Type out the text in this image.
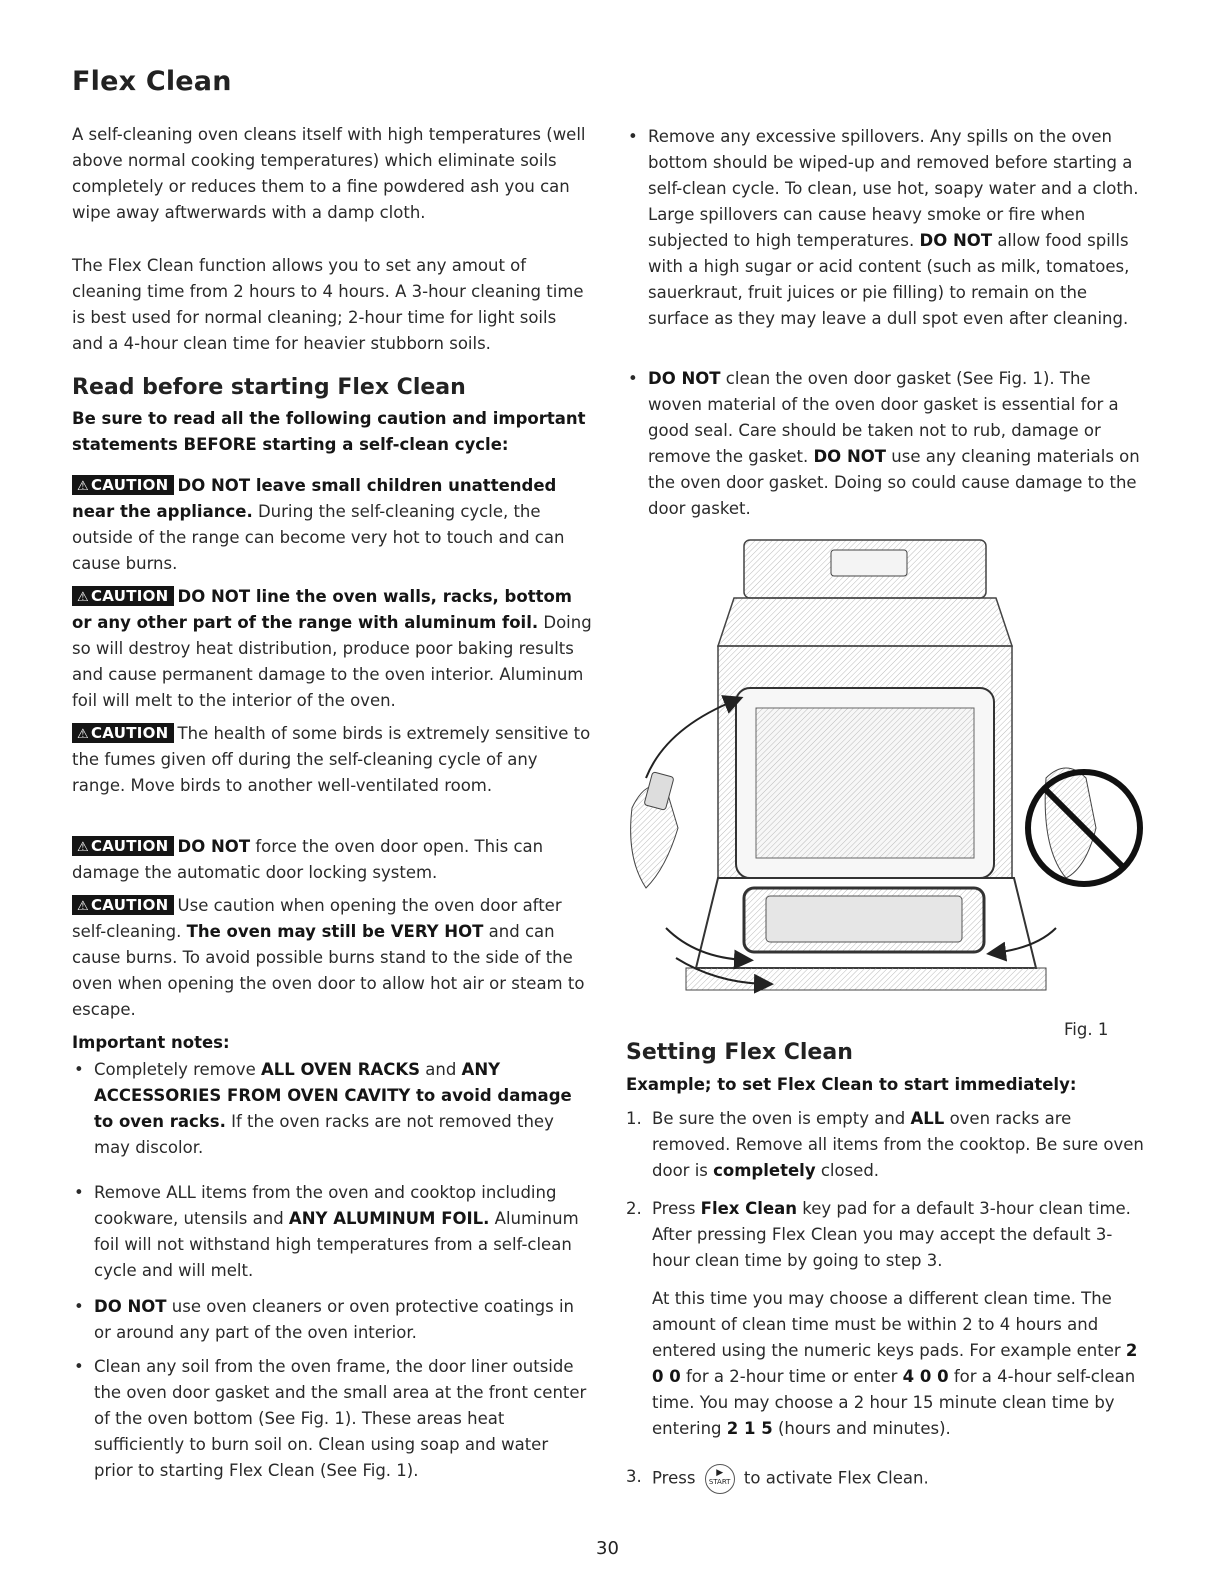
Flex Clean

A self-cleaning oven cleans itself with high temperatures (well above normal cooking temperatures) which eliminate soils completely or reduces them to a fine powdered ash you can wipe away aftwerwards with a damp cloth.

The Flex Clean function allows you to set any amout of cleaning time from 2 hours to 4 hours. A 3-hour cleaning time is best used for normal cleaning; 2-hour time for light soils and a 4-hour clean time for heavier stubborn soils.

Read before starting Flex Clean

Be sure to read all the following caution and important statements BEFORE starting a self-clean cycle:

⚠ CAUTION DO NOT leave small children unattended near the appliance. During the self-cleaning cycle, the outside of the range can become very hot to touch and can cause burns.

⚠ CAUTION DO NOT line the oven walls, racks, bottom or any other part of the range with aluminum foil. Doing so will destroy heat distribution, produce poor baking results and cause permanent damage to the oven interior. Aluminum foil will melt to the interior of the oven.

⚠ CAUTION The health of some birds is extremely sensitive to the fumes given off during the self-cleaning cycle of any range. Move birds to another well-ventilated room.

⚠ CAUTION DO NOT force the oven door open. This can damage the automatic door locking system.

⚠ CAUTION Use caution when opening the oven door after self-cleaning. The oven may still be VERY HOT and can cause burns. To avoid possible burns stand to the side of the oven when opening the oven door to allow hot air or steam to escape.

Important notes:

• Completely remove ALL OVEN RACKS and ANY ACCESSORIES FROM OVEN CAVITY to avoid damage to oven racks. If the oven racks are not removed they may discolor.

• Remove ALL items from the oven and cooktop including cookware, utensils and ANY ALUMINUM FOIL. Aluminum foil will not withstand high temperatures from a self-clean cycle and will melt.

• DO NOT use oven cleaners or oven protective coatings in or around any part of the oven interior.

• Clean any soil from the oven frame, the door liner outside the oven door gasket and the small area at the front center of the oven bottom (See Fig. 1). These areas heat sufficiently to burn soil on. Clean using soap and water prior to starting Flex Clean (See Fig. 1).

• Remove any excessive spillovers. Any spills on the oven bottom should be wiped-up and removed before starting a self-clean cycle. To clean, use hot, soapy water and a cloth. Large spillovers can cause heavy smoke or fire when subjected to high temperatures. DO NOT allow food spills with a high sugar or acid content (such as milk, tomatoes, sauerkraut, fruit juices or pie filling) to remain on the surface as they may leave a dull spot even after cleaning.

• DO NOT clean the oven door gasket (See Fig. 1). The woven material of the oven door gasket is essential for a good seal. Care should be taken not to rub, damage or remove the gasket. DO NOT use any cleaning materials on the oven door gasket. Doing so could cause damage to the door gasket.

Setting Flex Clean

Example; to set Flex Clean to start immediately:

1. Be sure the oven is empty and ALL oven racks are removed. Remove all items from the cooktop. Be sure oven door is completely closed.

2. Press Flex Clean key pad for a default 3-hour clean time. After pressing Flex Clean you may accept the default 3-hour clean time by going to step 3.

At this time you may choose a different clean time. The amount of clean time must be within 2 to 4 hours and entered using the numeric keys pads. For example enter 2 0 0 for a 2-hour time or enter 4 0 0 for a 4-hour self-clean time. You may choose a 2 hour 15 minute clean time by entering 2 1 5 (hours and minutes).

3. Press	▶
START to activate Flex Clean.

Fig. 1
30
